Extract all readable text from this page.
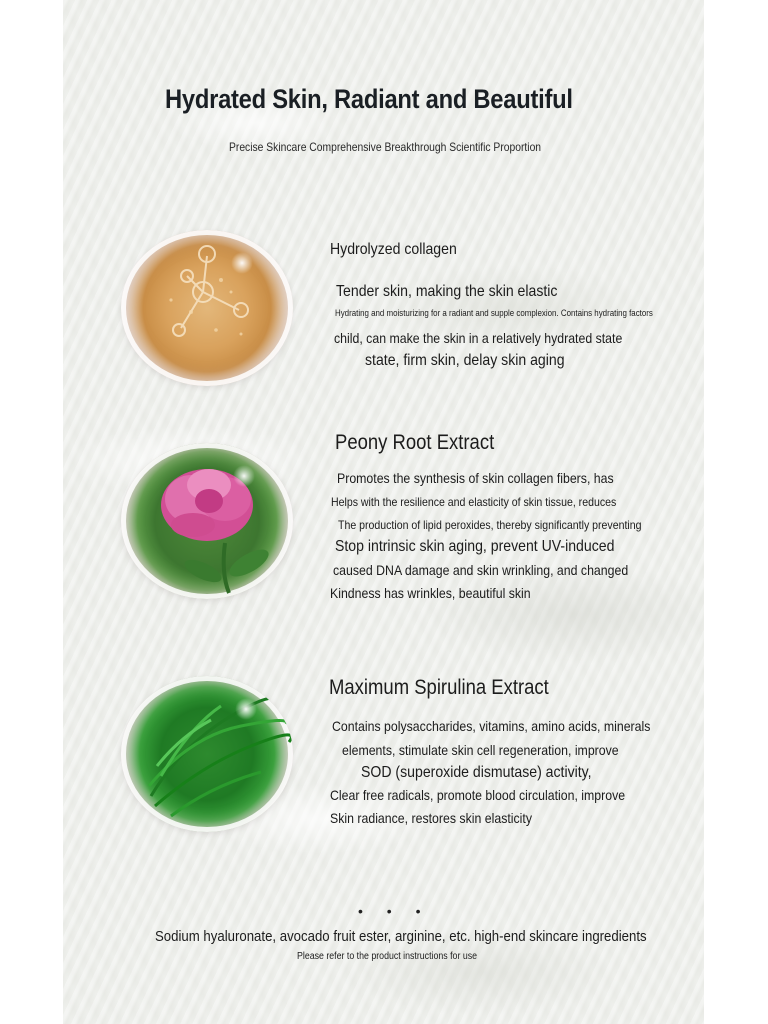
Hydrated Skin, Radiant and Beautiful
Precise Skincare Comprehensive Breakthrough Scientific Proportion
Hydrolyzed collagen
Tender skin, making the skin elastic
Hydrating and moisturizing for a radiant and supple complexion. Contains hydrating factors
child, can make the skin in a relatively hydrated state
state, firm skin, delay skin aging
Peony Root Extract
Promotes the synthesis of skin collagen fibers, has
Helps with the resilience and elasticity of skin tissue, reduces
The production of lipid peroxides, thereby significantly preventing
Stop intrinsic skin aging, prevent UV-induced
caused DNA damage and skin wrinkling, and changed
Kindness has wrinkles, beautiful skin
Maximum Spirulina Extract
Contains polysaccharides, vitamins, amino acids, minerals
elements, stimulate skin cell regeneration, improve
SOD (superoxide dismutase) activity,
Clear free radicals, promote blood circulation, improve
Skin radiance, restores skin elasticity
• • •
Sodium hyaluronate, avocado fruit ester, arginine, etc. high-end skincare ingredients
Please refer to the product instructions for use
